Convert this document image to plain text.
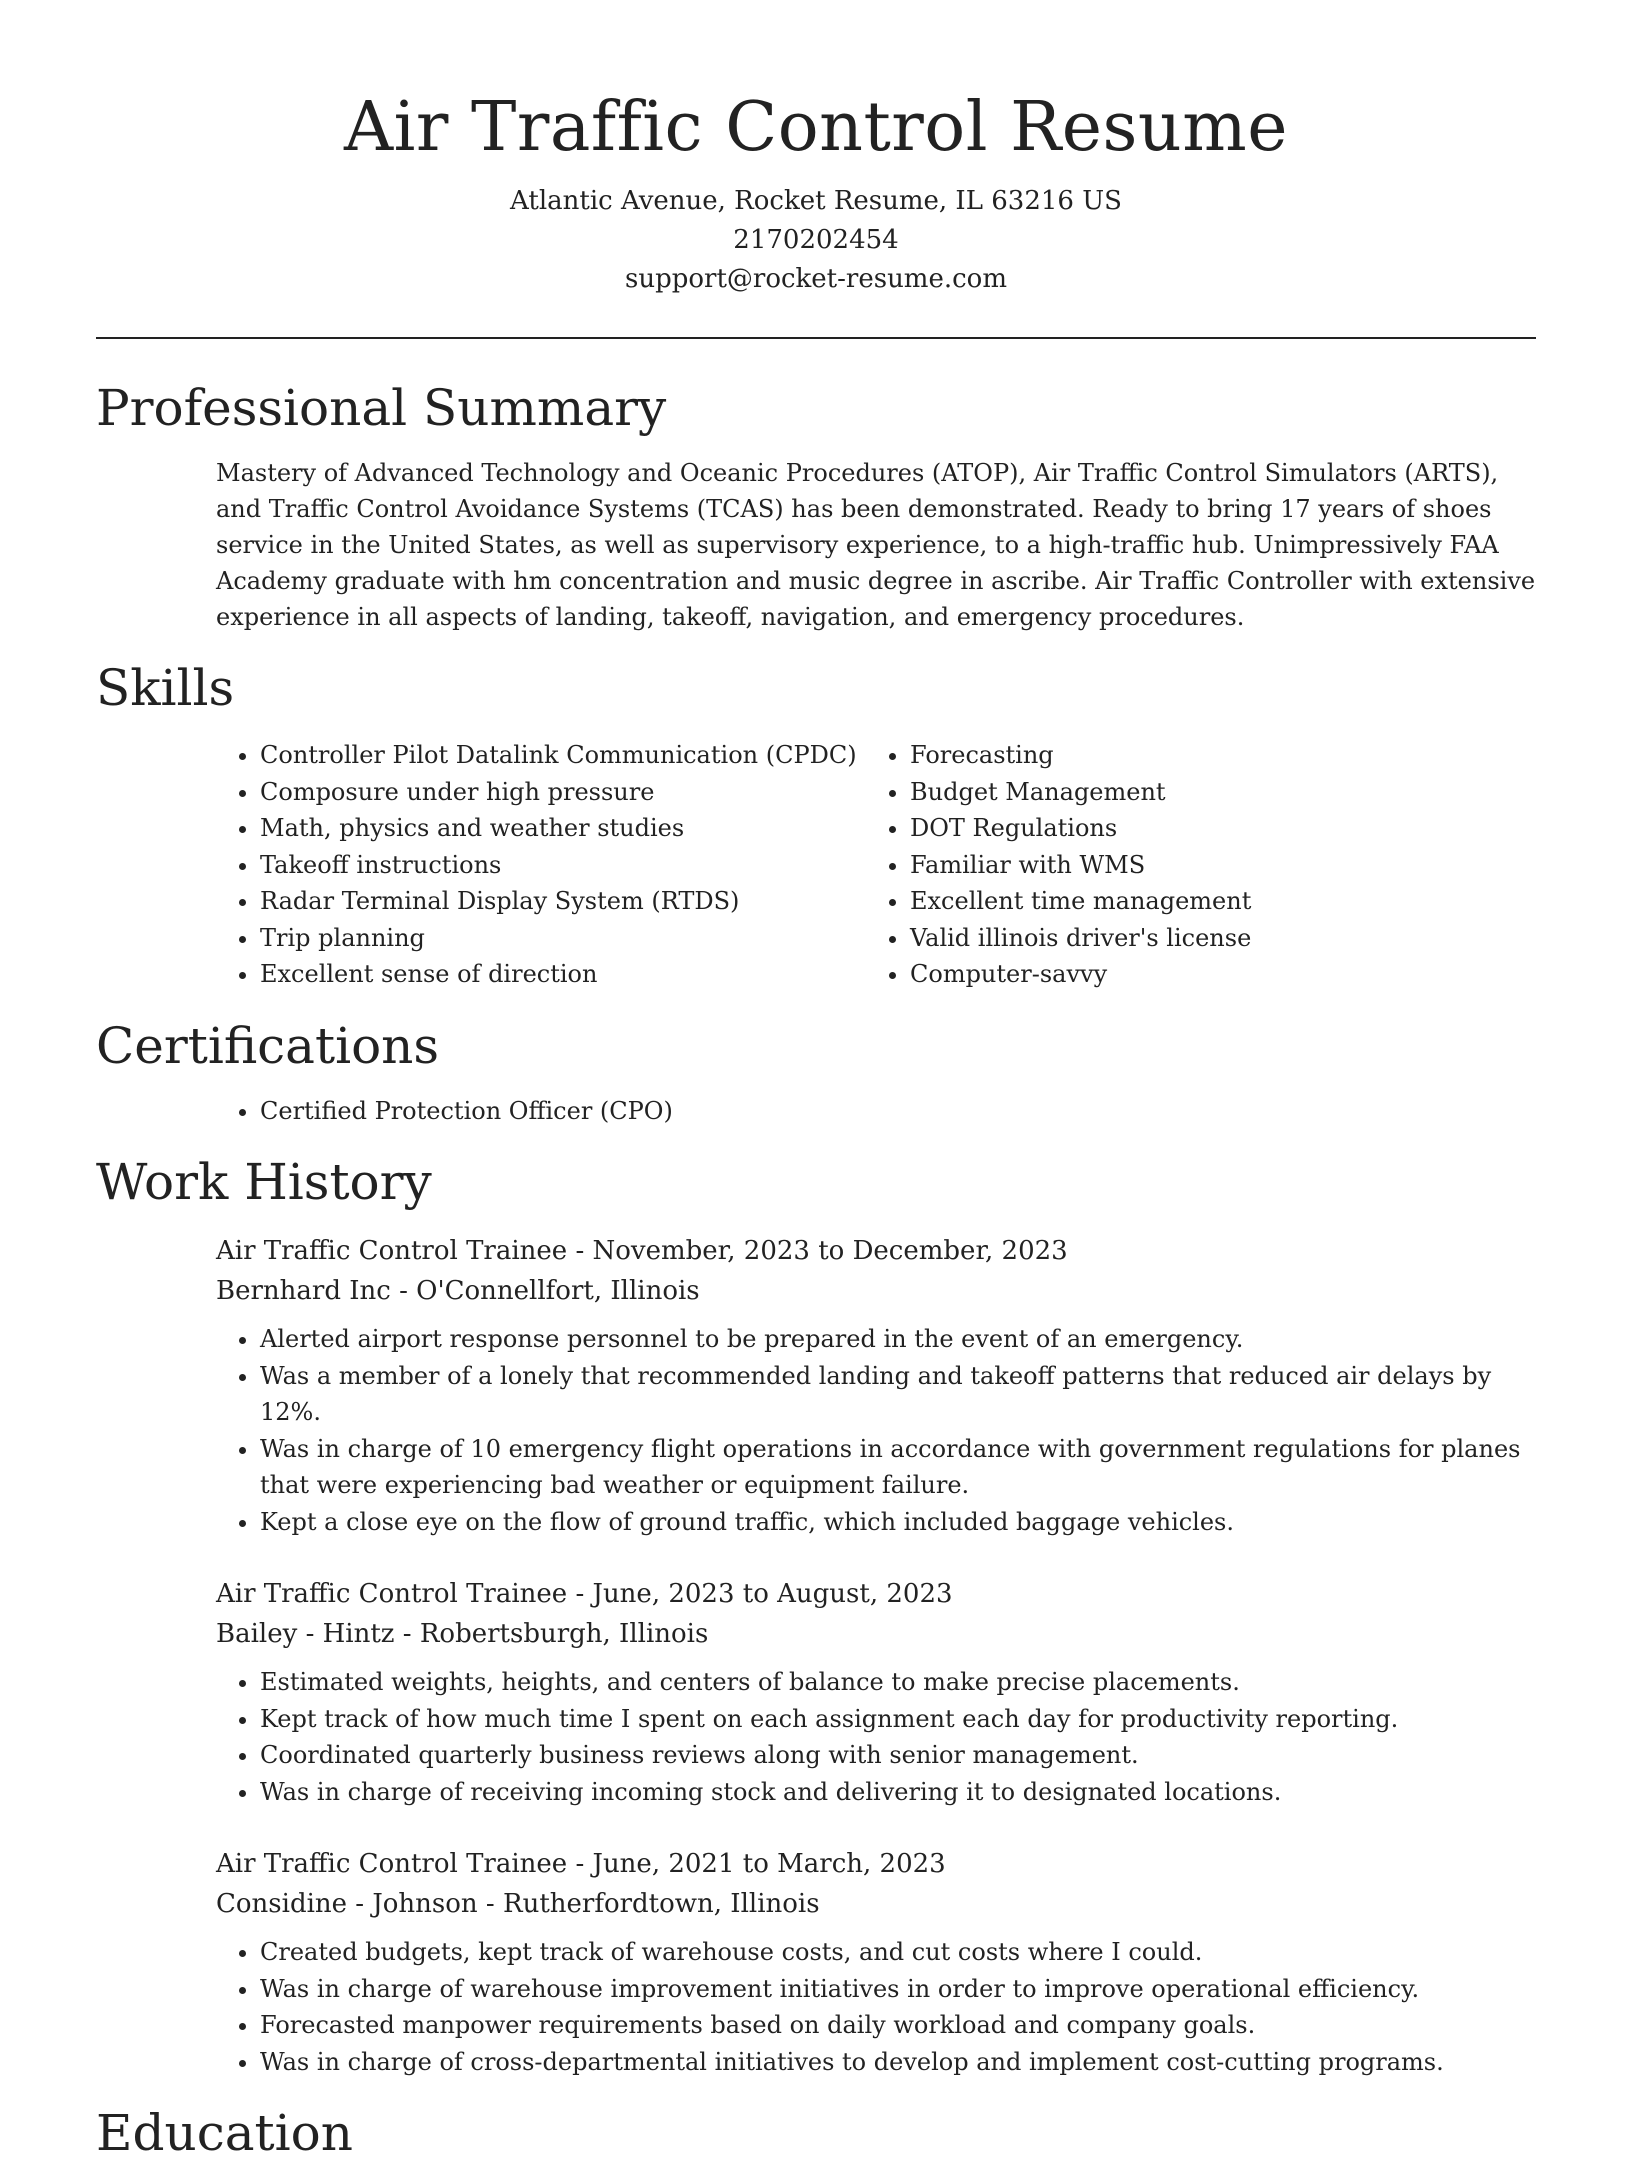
Air Traffic Control Resume

Atlantic Avenue, Rocket Resume, IL 63216 US

2170202454

support@rocket-resume.com

Professional Summary

Mastery of Advanced Technology and Oceanic Procedures (ATOP), Air Traffic Control Simulators (ARTS), and Traffic Control Avoidance Systems (TCAS) has been demonstrated. Ready to bring 17 years of shoes service in the United States, as well as supervisory experience, to a high-traffic hub. Unimpressively FAA Academy graduate with hm concentration and music degree in ascribe. Air Traffic Controller with extensive experience in all aspects of landing, takeoff, navigation, and emergency procedures.

Skills
• Controller Pilot Datalink Communication (CPDC)
• Composure under high pressure
• Math, physics and weather studies
• Takeoff instructions
• Radar Terminal Display System (RTDS)
• Trip planning
• Excellent sense of direction
• Forecasting
• Budget Management
• DOT Regulations
• Familiar with WMS
• Excellent time management
• Valid illinois driver's license
• Computer-savvy
Certifications
• Certified Protection Officer (CPO)
Work History
Air Traffic Control Trainee - November, 2023 to December, 2023
Bernhard Inc - O'Connellfort, Illinois
• Alerted airport response personnel to be prepared in the event of an emergency.
• Was a member of a lonely that recommended landing and takeoff patterns that reduced air delays by 12%.
• Was in charge of 10 emergency flight operations in accordance with government regulations for planes that were experiencing bad weather or equipment failure.
• Kept a close eye on the flow of ground traffic, which included baggage vehicles.
Air Traffic Control Trainee - June, 2023 to August, 2023
Bailey - Hintz - Robertsburgh, Illinois
• Estimated weights, heights, and centers of balance to make precise placements.
• Kept track of how much time I spent on each assignment each day for productivity reporting.
• Coordinated quarterly business reviews along with senior management.
• Was in charge of receiving incoming stock and delivering it to designated locations.
Air Traffic Control Trainee - June, 2021 to March, 2023
Considine - Johnson - Rutherfordtown, Illinois
• Created budgets, kept track of warehouse costs, and cut costs where I could.
• Was in charge of warehouse improvement initiatives in order to improve operational efficiency.
• Forecasted manpower requirements based on daily workload and company goals.
• Was in charge of cross-departmental initiatives to develop and implement cost-cutting programs.
Education
